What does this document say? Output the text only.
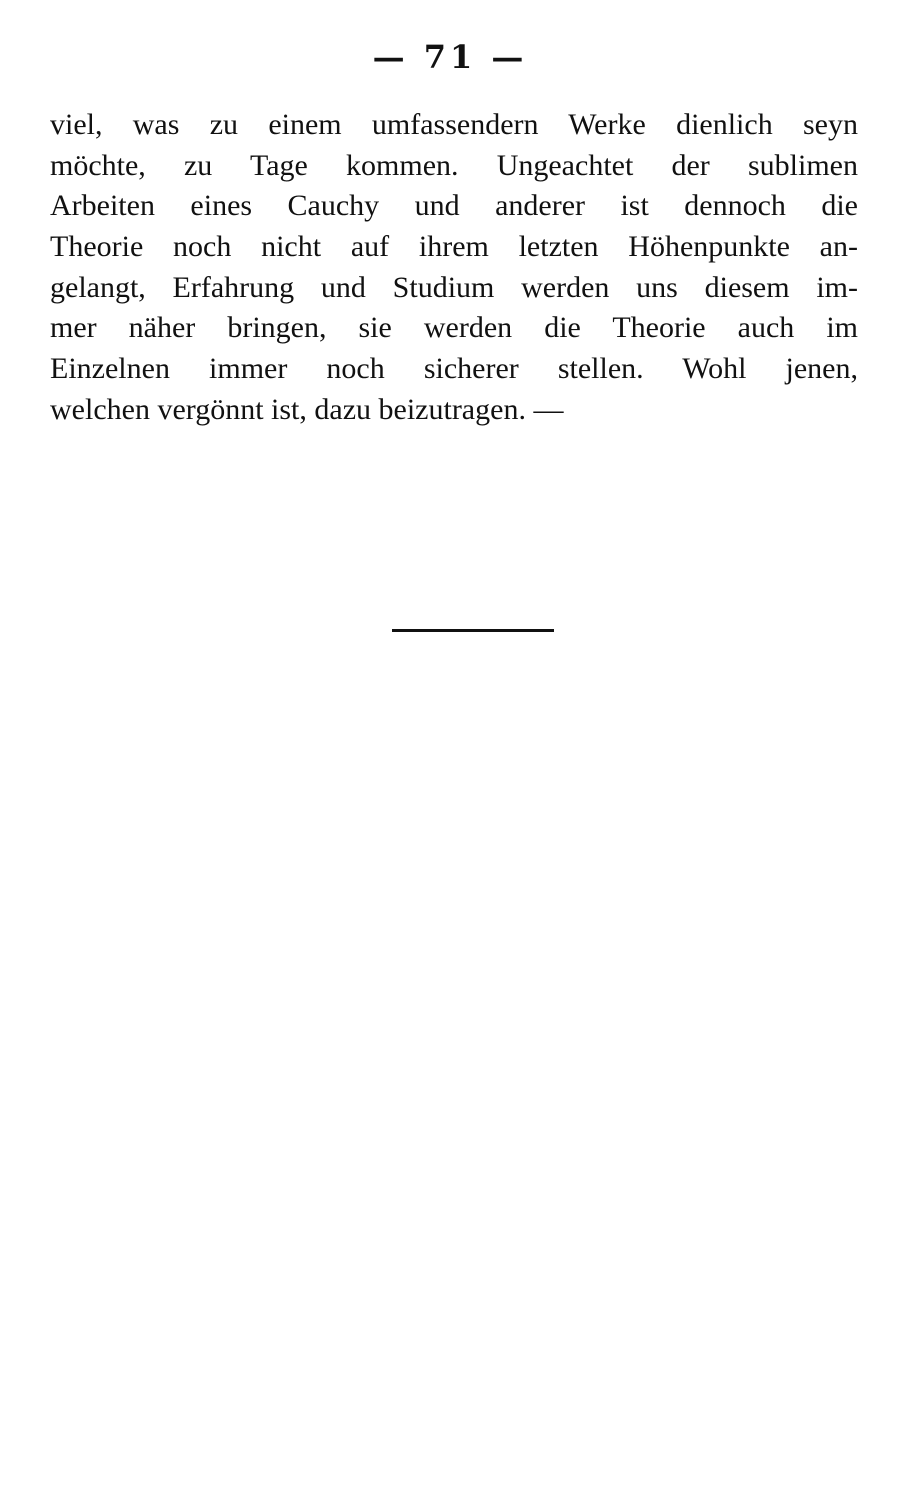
— 71 —
viel, was zu einem umfassendern Werke dienlich seyn
möchte, zu Tage kommen. Ungeachtet der sublimen
Arbeiten eines Cauchy und anderer ist dennoch die
Theorie noch nicht auf ihrem letzten Höhenpunkte an-
gelangt, Erfahrung und Studium werden uns diesem im-
mer näher bringen, sie werden die Theorie auch im
Einzelnen immer noch sicherer stellen. Wohl jenen,
welchen vergönnt ist, dazu beizutragen. —
